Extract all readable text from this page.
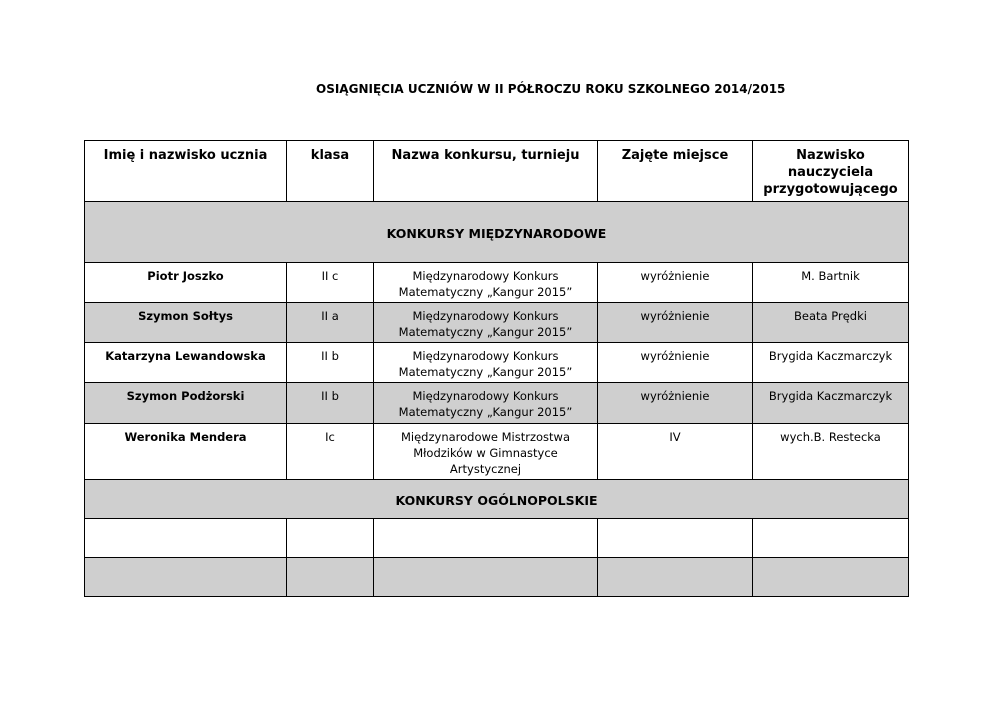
OSIĄGNIĘCIA UCZNIÓW W II PÓŁROCZU ROKU SZKOLNEGO 2014/2015
Imię i nazwisko ucznia	klasa	Nazwa konkursu, turnieju	Zajęte miejsce	Nazwisko nauczyciela przygotowującego
KONKURSY MIĘDZYNARODOWE				
Piotr Joszko	II c	Międzynarodowy Konkurs Matematyczny „Kangur 2015”	wyróżnienie	M. Bartnik
Szymon Sołtys	II a	Międzynarodowy Konkurs Matematyczny „Kangur 2015”	wyróżnienie	Beata Prędki
Katarzyna Lewandowska	II b	Międzynarodowy Konkurs Matematyczny „Kangur 2015”	wyróżnienie	Brygida Kaczmarczyk
Szymon Podżorski	II b	Międzynarodowy Konkurs Matematyczny „Kangur 2015”	wyróżnienie	Brygida Kaczmarczyk
Weronika Mendera	Ic	Międzynarodowe Mistrzostwa Młodzików w Gimnastyce Artystycznej	IV	wych.B. Restecka
KONKURSY OGÓLNOPOLSKIE				
